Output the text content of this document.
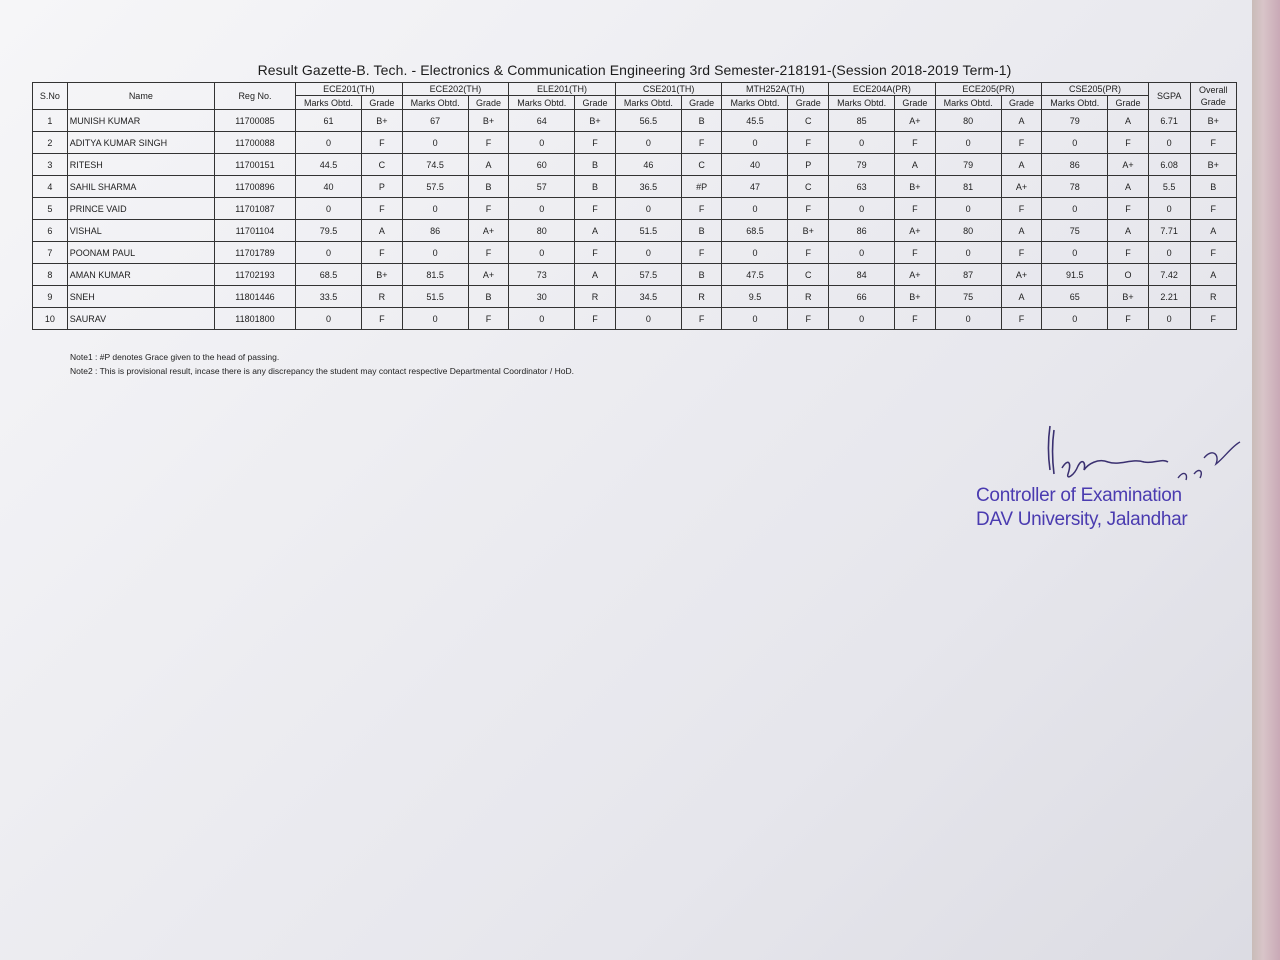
Result Gazette-B. Tech. - Electronics & Communication Engineering 3rd Semester-218191-(Session 2018-2019 Term-1)
S.No	Name	Reg No.	ECE201(TH)		ECE202(TH)		ELE201(TH)		CSE201(TH)		MTH252A(TH)		ECE204A(PR)		ECE205(PR)		CSE205(PR)		SGPA	Overall
Grade

			Marks Obtd.	Grade	Marks Obtd.	Grade	Marks Obtd.	Grade	Marks Obtd.	Grade	Marks Obtd.	Grade	Marks Obtd.	Grade	Marks Obtd.	Grade	Marks Obtd.	Grade		
1	MUNISH KUMAR	11700085	61	B+	67	B+	64	B+	56.5	B	45.5	C	85	A+	80	A	79	A	6.71	B+
2	ADITYA KUMAR SINGH	11700088	0	F	0	F	0	F	0	F	0	F	0	F	0	F	0	F	0	F
3	RITESH	11700151	44.5	C	74.5	A	60	B	46	C	40	P	79	A	79	A	86	A+	6.08	B+
4	SAHIL SHARMA	11700896	40	P	57.5	B	57	B	36.5	#P	47	C	63	B+	81	A+	78	A	5.5	B
5	PRINCE VAID	11701087	0	F	0	F	0	F	0	F	0	F	0	F	0	F	0	F	0	F
6	VISHAL	11701104	79.5	A	86	A+	80	A	51.5	B	68.5	B+	86	A+	80	A	75	A	7.71	A
7	POONAM PAUL	11701789	0	F	0	F	0	F	0	F	0	F	0	F	0	F	0	F	0	F
8	AMAN KUMAR	11702193	68.5	B+	81.5	A+	73	A	57.5	B	47.5	C	84	A+	87	A+	91.5	O	7.42	A
9	SNEH	11801446	33.5	R	51.5	B	30	R	34.5	R	9.5	R	66	B+	75	A	65	B+	2.21	R
10	SAURAV	11801800	0	F	0	F	0	F	0	F	0	F	0	F	0	F	0	F	0	F
Note1 : #P denotes Grace given to the head of passing.
Note2 : This is provisional result, incase there is any discrepancy the student may contact respective Departmental Coordinator / HoD.
Controller of Examination
DAV University, Jalandhar
